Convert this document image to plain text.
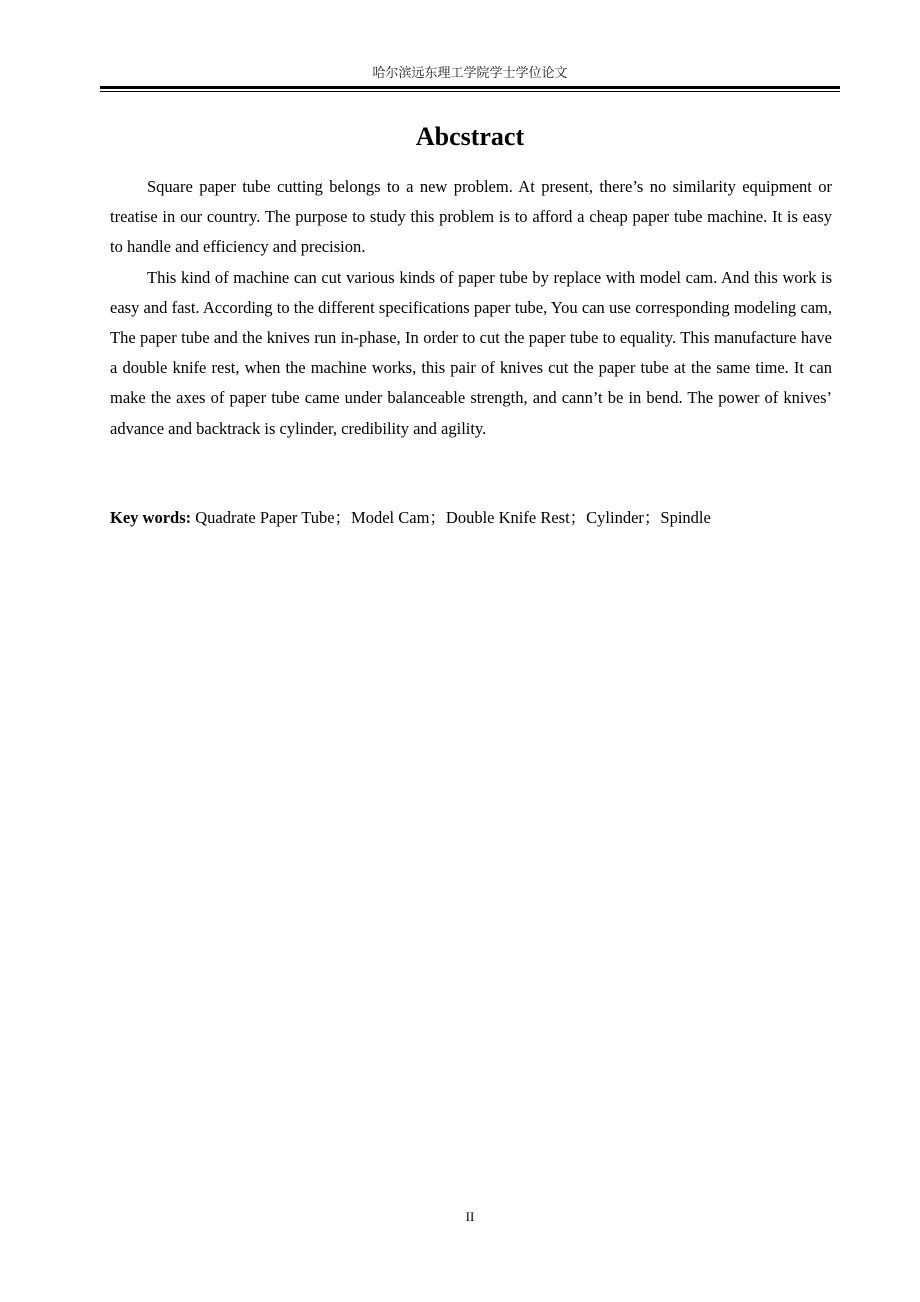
哈尔滨远东理工学院学士学位论文
Abcstract

Square paper tube cutting belongs to a new problem. At present, there’s no similarity equipment or treatise in our country. The purpose to study this problem is to afford a cheap paper tube machine. It is easy to handle and efficiency and precision.

This kind of machine can cut various kinds of paper tube by replace with model cam. And this work is easy and fast. According to the different specifications paper tube, You can use corresponding modeling cam, The paper tube and the knives run in-phase, In order to cut the paper tube to equality. This manufacture have a double knife rest, when the machine works, this pair of knives cut the paper tube at the same time. It can make the axes of paper tube came under balanceable strength, and cann’t be in bend. The power of knives’ advance and backtrack is cylinder, credibility and agility.

Key words: Quadrate Paper Tube；Model Cam；Double Knife Rest；Cylinder；Spindle
II
